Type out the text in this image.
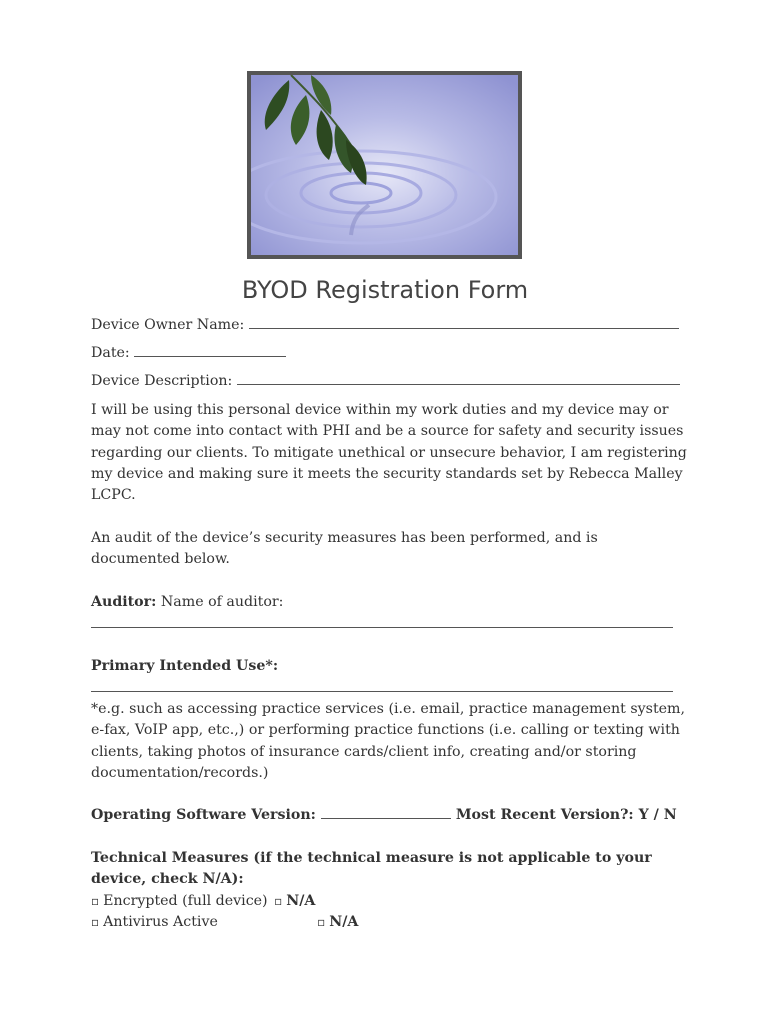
BYOD Registration Form
Device Owner Name:
Date:
Device Description:
I will be using this personal device within my work duties and my device may or may not come into contact with PHI and be a source for safety and security issues regarding our clients. To mitigate unethical or unsecure behavior, I am registering my device and making sure it meets the security standards set by Rebecca Malley LCPC.
An audit of the device’s security measures has been performed, and is documented below.
Auditor: Name of auditor:
Primary Intended Use*:
*e.g. such as accessing practice services (i.e. email, practice management system, e-fax, VoIP app, etc.,) or performing practice functions (i.e. calling or texting with clients, taking photos of insurance cards/client info, creating and/or storing documentation/records.)
Operating Software Version:	Most Recent Version?: Y / N
Technical Measures (if the technical measure is not applicable to your device, check N/A):
▫ Encrypted (full device) ▫ N/A
▫ Antivirus Active	▫ N/A
